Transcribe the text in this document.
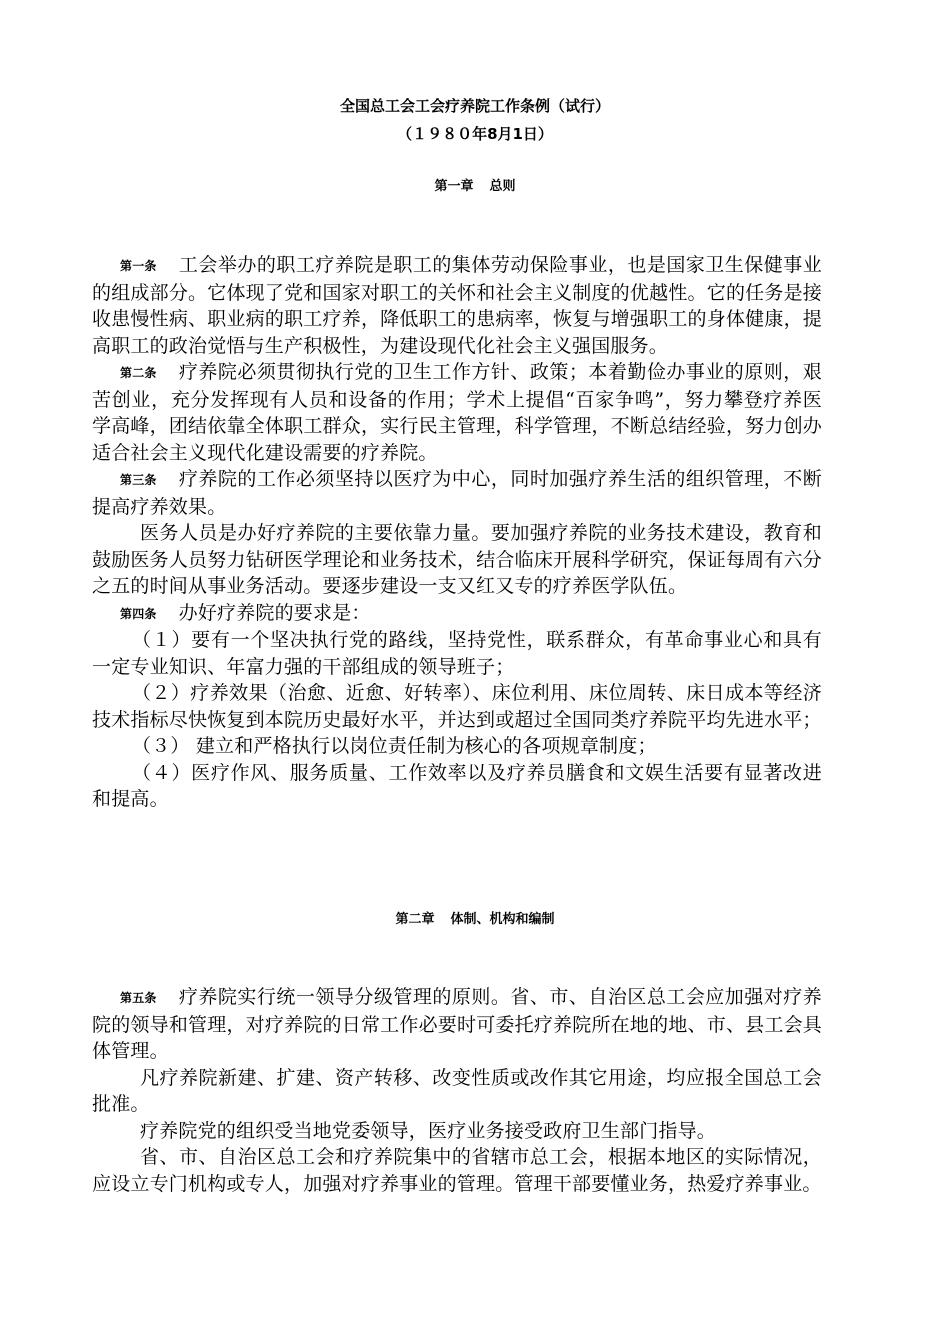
全国总工会工会疗养院工作条例（试行）
（１９８０年8月1日）
第一章 总则

第一条 工会举办的职工疗养院是职工的集体劳动保险事业，也是国家卫生保健事业的组成部分。它体现了党和国家对职工的关怀和社会主义制度的优越性。它的任务是接收患慢性病、职业病的职工疗养，降低职工的患病率，恢复与增强职工的身体健康，提高职工的政治觉悟与生产积极性，为建设现代化社会主义强国服务。

第二条 疗养院必须贯彻执行党的卫生工作方针、政策；本着勤俭办事业的原则，艰苦创业，充分发挥现有人员和设备的作用；学术上提倡“百家争鸣”，努力攀登疗养医学高峰，团结依靠全体职工群众，实行民主管理，科学管理，不断总结经验，努力创办适合社会主义现代化建设需要的疗养院。

第三条 疗养院的工作必须坚持以医疗为中心，同时加强疗养生活的组织管理，不断提高疗养效果。

医务人员是办好疗养院的主要依靠力量。要加强疗养院的业务技术建设，教育和鼓励医务人员努力钻研医学理论和业务技术，结合临床开展科学研究，保证每周有六分之五的时间从事业务活动。要逐步建设一支又红又专的疗养医学队伍。

第四条 办好疗养院的要求是：

（１）要有一个坚决执行党的路线，坚持党性，联系群众，有革命事业心和具有一定专业知识、年富力强的干部组成的领导班子；

（２）疗养效果（治愈、近愈、好转率）、床位利用、床位周转、床日成本等经济技术指标尽快恢复到本院历史最好水平，并达到或超过全国同类疗养院平均先进水平；

（３） 建立和严格执行以岗位责任制为核心的各项规章制度；

（４）医疗作风、服务质量、工作效率以及疗养员膳食和文娱生活要有显著改进和提高。

第二章 体制、机构和编制

第五条 疗养院实行统一领导分级管理的原则。省、市、自治区总工会应加强对疗养院的领导和管理，对疗养院的日常工作必要时可委托疗养院所在地的地、市、县工会具体管理。

凡疗养院新建、扩建、资产转移、改变性质或改作其它用途，均应报全国总工会批准。

疗养院党的组织受当地党委领导，医疗业务接受政府卫生部门指导。

省、市、自治区总工会和疗养院集中的省辖市总工会，根据本地区的实际情况，应设立专门机构或专人，加强对疗养事业的管理。管理干部要懂业务，热爱疗养事业。
